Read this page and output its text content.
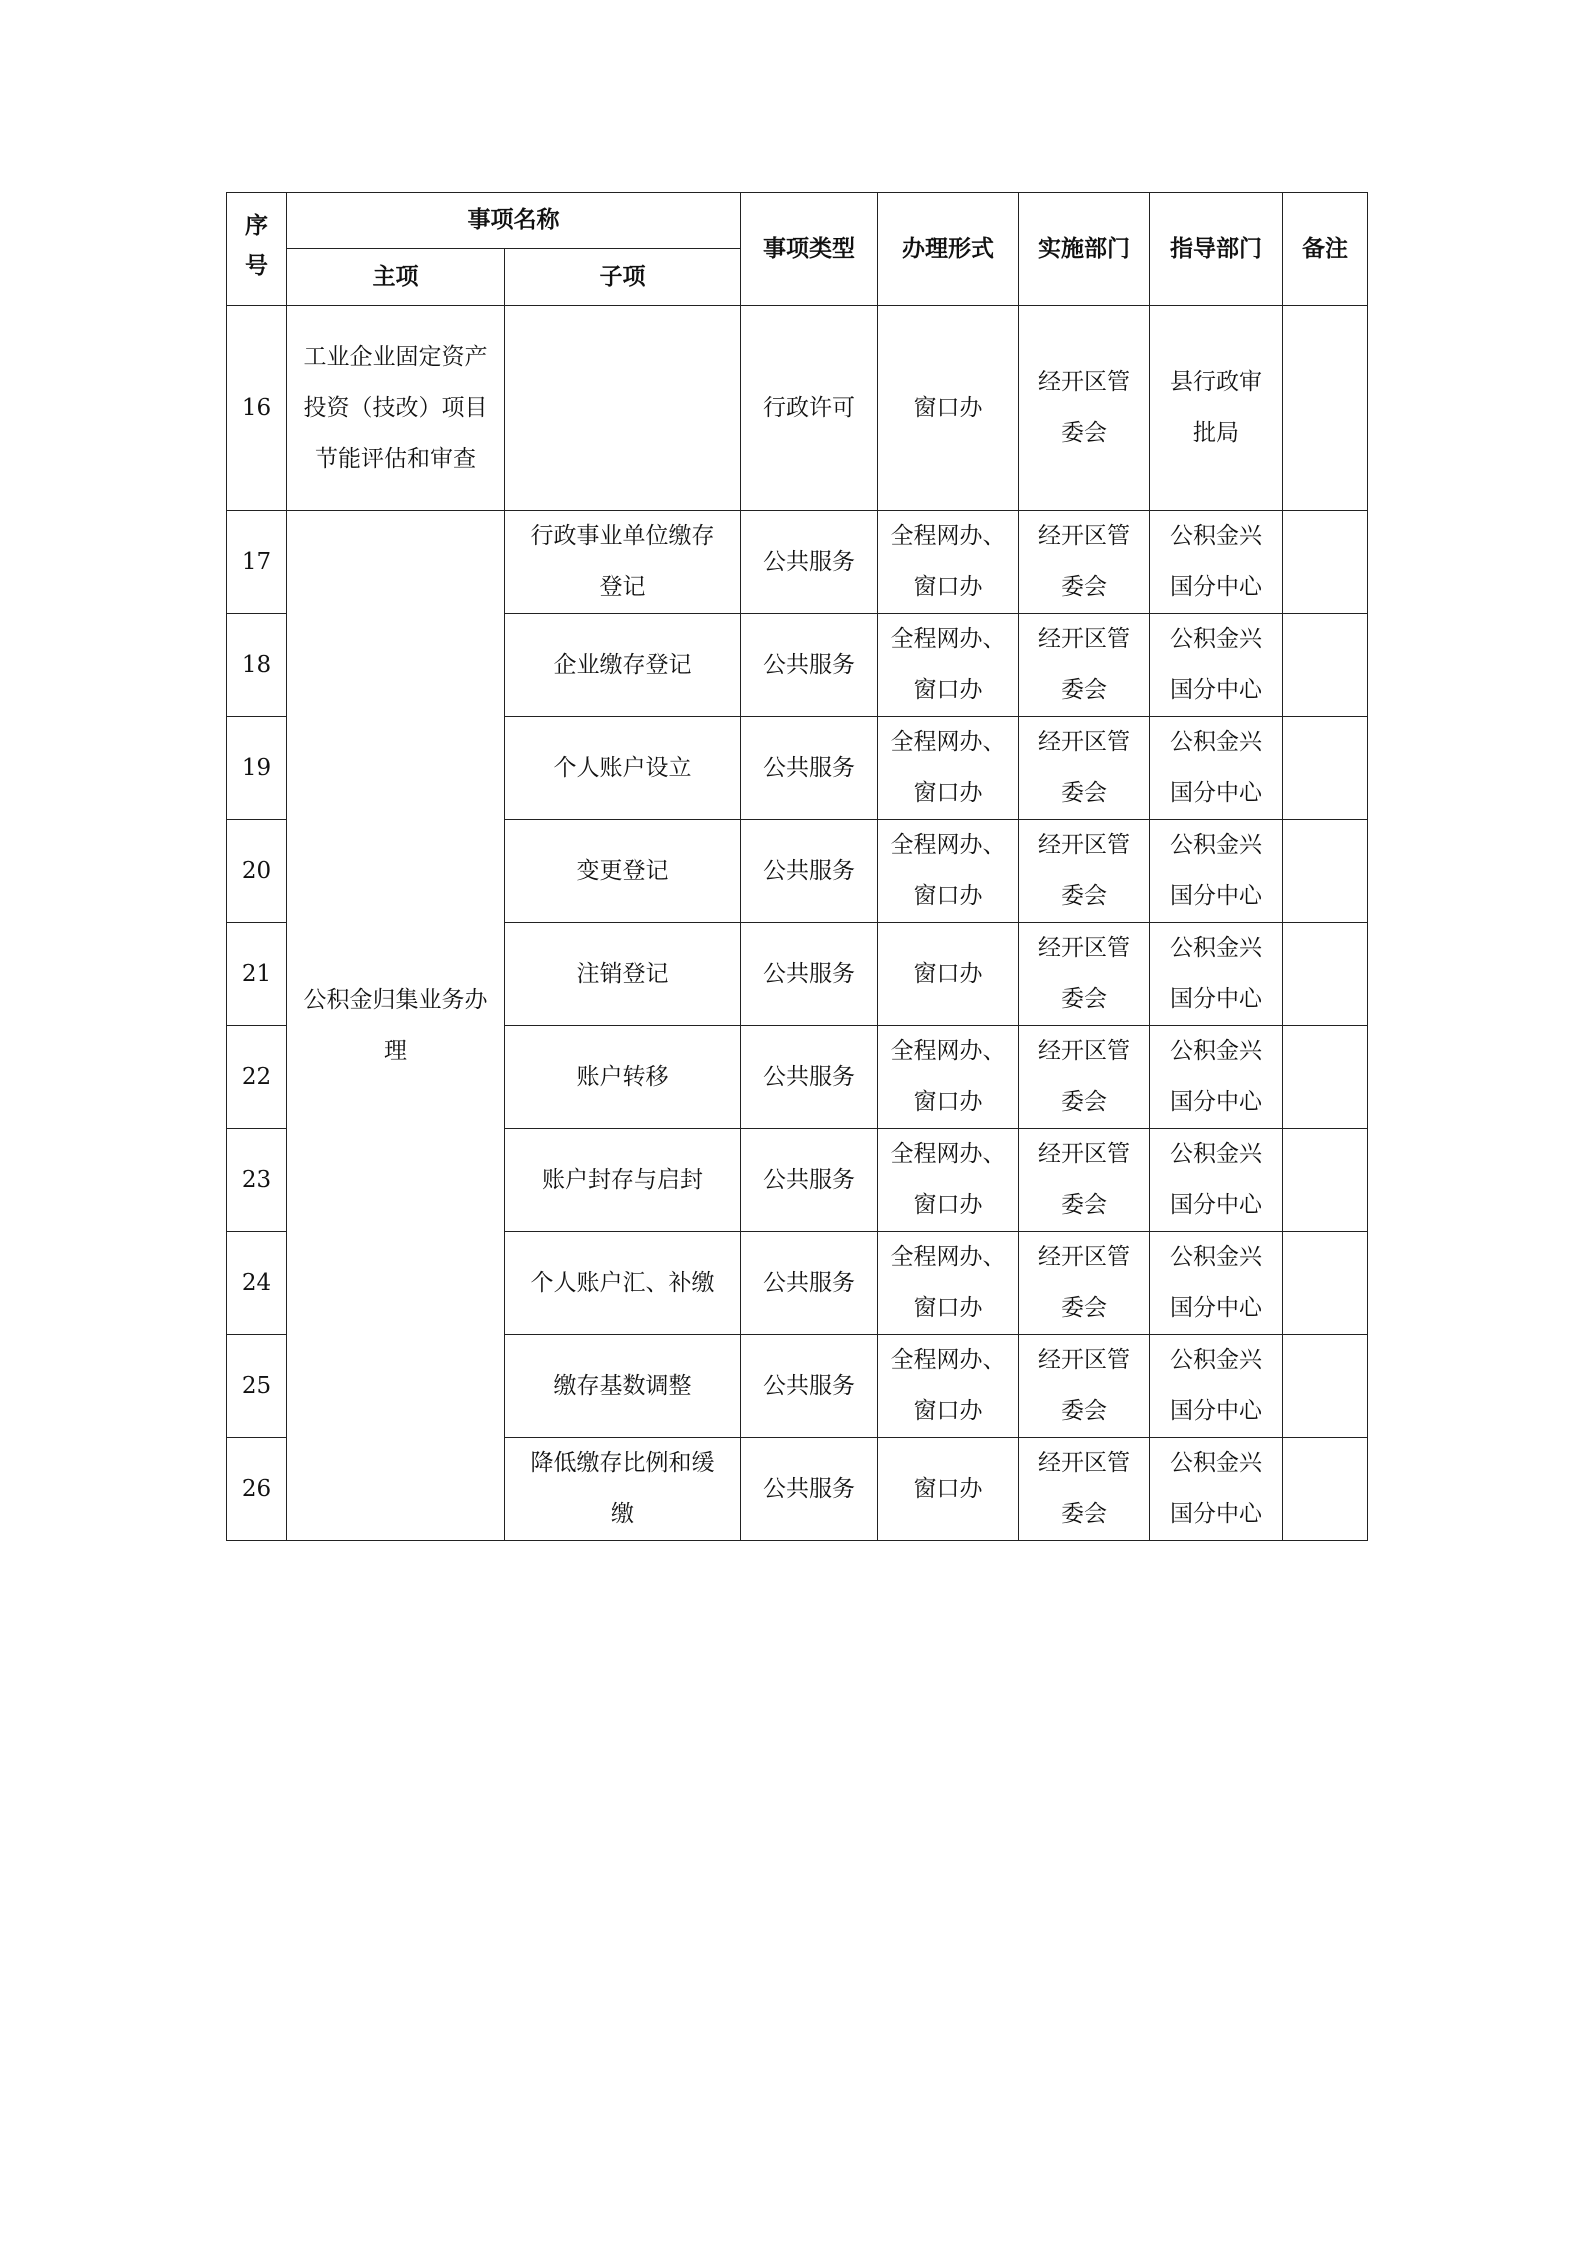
序号	事项名称		事项类型	办理形式	实施部门	指导部门	备注
	主项	子项					
16	工业企业固定资产投资（技改）项目节能评估和审查		行政许可	窗口办	经开区管委会	县行政审批局	
17	公积金归集业务办理	行政事业单位缴存登记	公共服务	全程网办、窗口办	经开区管委会	公积金兴国分中心	
18		企业缴存登记	公共服务	全程网办、窗口办	经开区管委会	公积金兴国分中心	
19		个人账户设立	公共服务	全程网办、窗口办	经开区管委会	公积金兴国分中心	
20		变更登记	公共服务	全程网办、窗口办	经开区管委会	公积金兴国分中心	
21		注销登记	公共服务	窗口办	经开区管委会	公积金兴国分中心	
22		账户转移	公共服务	全程网办、窗口办	经开区管委会	公积金兴国分中心	
23		账户封存与启封	公共服务	全程网办、窗口办	经开区管委会	公积金兴国分中心	
24		个人账户汇、补缴	公共服务	全程网办、窗口办	经开区管委会	公积金兴国分中心	
25		缴存基数调整	公共服务	全程网办、窗口办	经开区管委会	公积金兴国分中心	
26		降低缴存比例和缓缴	公共服务	窗口办	经开区管委会	公积金兴国分中心	
